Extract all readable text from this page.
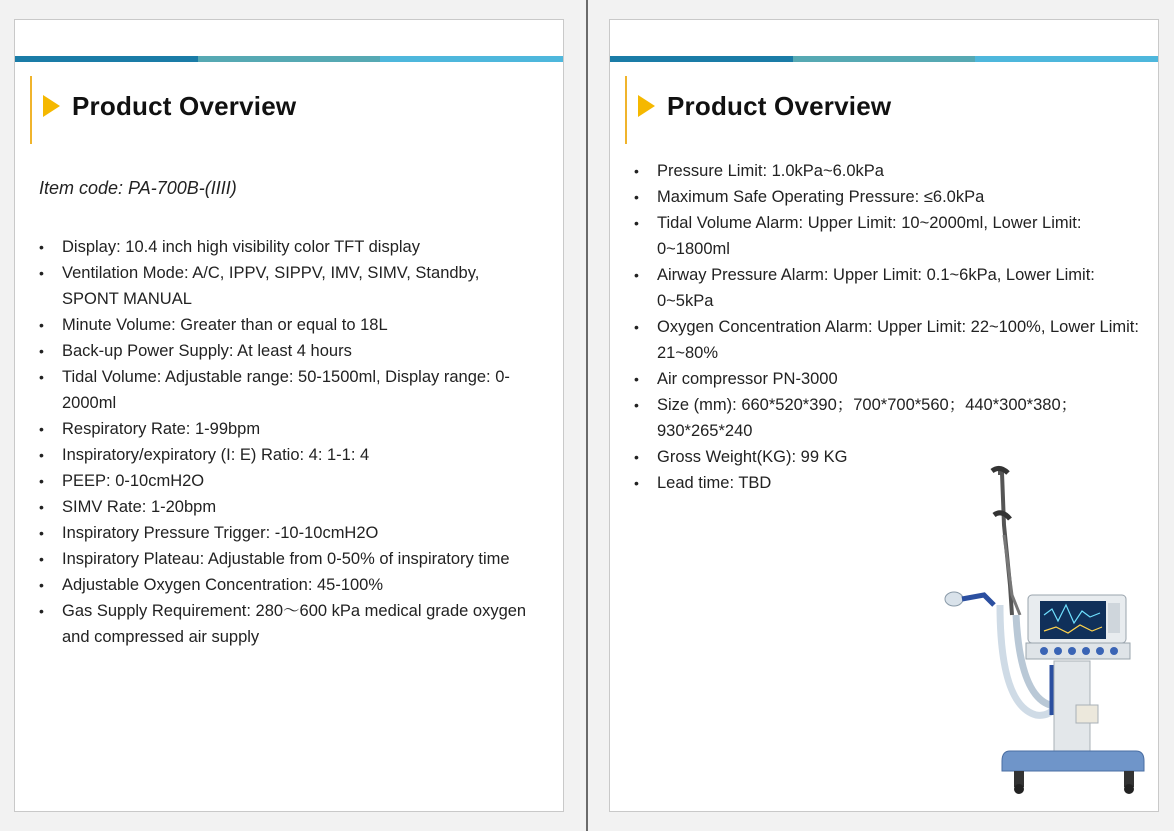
Product Overview
Item code: PA-700B-(IIII)
• Display: 10.4 inch high visibility color TFT display
• Ventilation Mode: A/C, IPPV, SIPPV, IMV, SIMV, Standby, SPONT MANUAL
• Minute Volume: Greater than or equal to 18L
• Back-up Power Supply: At least 4 hours
• Tidal Volume: Adjustable range: 50-1500ml, Display range: 0-2000ml
• Respiratory Rate: 1-99bpm
• Inspiratory/expiratory (I: E) Ratio: 4: 1-1: 4
• PEEP: 0-10cmH2O
• SIMV Rate: 1-20bpm
• Inspiratory Pressure Trigger: -10-10cmH2O
• Inspiratory Plateau: Adjustable from 0-50% of inspiratory time
• Adjustable Oxygen Concentration: 45-100%
• Gas Supply Requirement: 280～600 kPa medical grade oxygen and compressed air supply
Product Overview
• Pressure Limit: 1.0kPa~6.0kPa
• Maximum Safe Operating Pressure: ≤6.0kPa
• Tidal Volume Alarm: Upper Limit: 10~2000ml, Lower Limit: 0~1800ml
• Airway Pressure Alarm: Upper Limit: 0.1~6kPa, Lower Limit: 0~5kPa
• Oxygen Concentration Alarm: Upper Limit: 22~100%, Lower Limit: 21~80%
• Air compressor PN-3000
• Size (mm): 660*520*390；700*700*560；440*300*380；930*265*240
• Gross Weight(KG): 99 KG
• Lead time: TBD
